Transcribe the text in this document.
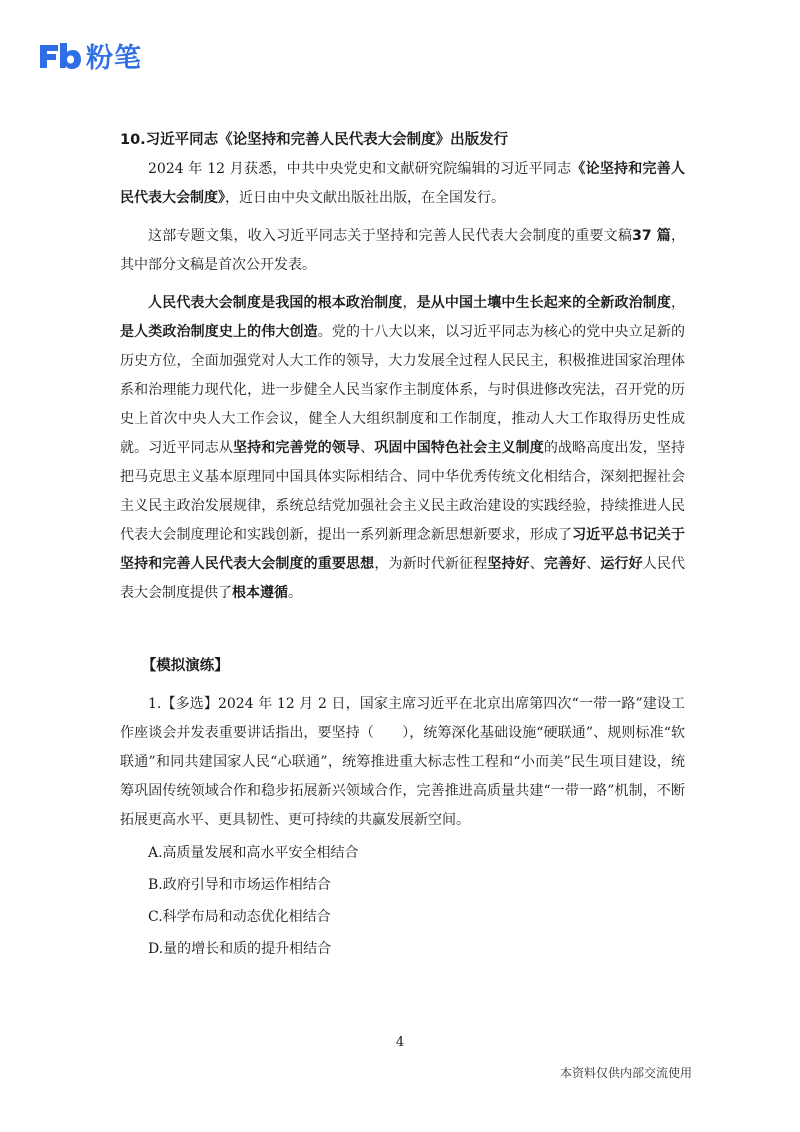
粉笔

10.习近平同志《论坚持和完善人民代表大会制度》出版发行

2024 年 12 月获悉，中共中央党史和文献研究院编辑的习近平同志《论坚持和完善人民代表大会制度》，近日由中央文献出版社出版，在全国发行。

这部专题文集，收入习近平同志关于坚持和完善人民代表大会制度的重要文稿37 篇，其中部分文稿是首次公开发表。

人民代表大会制度是我国的根本政治制度，是从中国土壤中生长起来的全新政治制度，是人类政治制度史上的伟大创造。党的十八大以来，以习近平同志为核心的党中央立足新的历史方位，全面加强党对人大工作的领导，大力发展全过程人民民主，积极推进国家治理体系和治理能力现代化，进一步健全人民当家作主制度体系，与时俱进修改宪法，召开党的历史上首次中央人大工作会议，健全人大组织制度和工作制度，推动人大工作取得历史性成就。习近平同志从坚持和完善党的领导、巩固中国特色社会主义制度的战略高度出发，坚持把马克思主义基本原理同中国具体实际相结合、同中华优秀传统文化相结合，深刻把握社会主义民主政治发展规律，系统总结党加强社会主义民主政治建设的实践经验，持续推进人民代表大会制度理论和实践创新，提出一系列新理念新思想新要求，形成了习近平总书记关于坚持和完善人民代表大会制度的重要思想，为新时代新征程坚持好、完善好、运行好人民代表大会制度提供了根本遵循。

【模拟演练】

1.【多选】2024 年 12 月 2 日，国家主席习近平在北京出席第四次“一带一路”建设工作座谈会并发表重要讲话指出，要坚持（　　），统筹深化基础设施“硬联通”、规则标准“软联通”和同共建国家人民“心联通”，统筹推进重大标志性工程和“小而美”民生项目建设，统筹巩固传统领域合作和稳步拓展新兴领域合作，完善推进高质量共建“一带一路”机制，不断拓展更高水平、更具韧性、更可持续的共赢发展新空间。

A.高质量发展和高水平安全相结合

B.政府引导和市场运作相结合

C.科学布局和动态优化相结合

D.量的增长和质的提升相结合

4
本资料仅供内部交流使用
